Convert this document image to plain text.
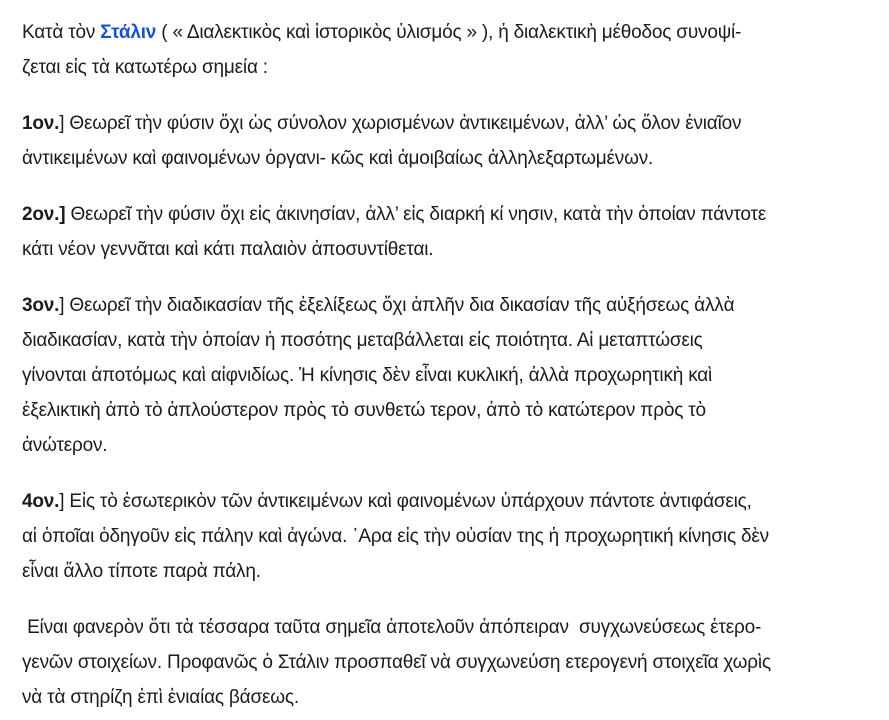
Κατὰ τὸν Στάλιν ( « Διαλεκτικὸς καὶ ἱστορικὸς ὑλισμός » ), ἡ διαλεκτικὴ μέθοδος συνοψί-
ζεται εἰς τὰ κατωτέρω σημεία :
1ον.] Θεωρεῖ τὴν φύσιν ὄχι ὡς σύνολον χωρισμένων ἀντικειμένων, ἀλλ’ ὡς ὅλον ἑνιαῖον
ἀντικειμένων καὶ φαινομένων ὀργανι- κῶς καὶ ἀμοιβαίως ἀλληλεξαρτωμένων.
2ον.] Θεωρεῖ τὴν φύσιν ὄχι εἰς ἀκινησίαν, ἀλλ’ εἰς διαρκή κί νησιν, κατὰ τὴν ὁποίαν πάντοτε
κάτι νέον γεννᾶται καὶ κάτι παλαιὸν ἀποσυντίθεται.
3ον.] Θεωρεῖ τὴν διαδικασίαν τῆς ἐξελίξεως ὄχι ἁπλῆν δια δικασίαν τῆς αὐξήσεως ἀλλὰ
διαδικασίαν, κατὰ τὴν ὁποίαν ἡ ποσότης μεταβάλλεται εἰς ποιότητα. Αἱ μεταπτώσεις
γίνονται ἀποτόμως καὶ αἰφνιδίως. Ἡ κίνησις δὲν εἶναι κυκλική, ἀλλὰ προχωρητικὴ καὶ
ἐξελικτικὴ ἀπὸ τὸ ἁπλούστερον πρὸς τὸ συνθετώ τερον, ἀπὸ τὸ κατώτερον πρὸς τὸ
ἀνώτερον.
4ον.] Εἰς τὸ ἐσωτερικὸν τῶν ἀντικειμένων καὶ φαινομένων ὑπάρχουν πάντοτε ἀντιφάσεις,
αἱ ὁποῖαι ὁδηγοῦν εἰς πάλην καὶ ἀγώνα. ῾Αρα εἰς τὴν οὐσίαν της ἡ προχωρητική κίνησις δὲν
εἶναι ἄλλο τίποτε παρὰ πάλη.
Είναι φανερὸν ὅτι τὰ τέσσαρα ταῦτα σημεῖα ἀποτελοῦν ἀπόπειραν  συγχωνεύσεως ἑτερο-
γενῶν στοιχείων. Προφανῶς ὁ Στάλιν προσπαθεῖ νὰ συγχωνεύση ετερογενή στοιχεῖα χωρὶς
νὰ τὰ στηρίζη ἐπὶ ἑνιαίας βάσεως.
